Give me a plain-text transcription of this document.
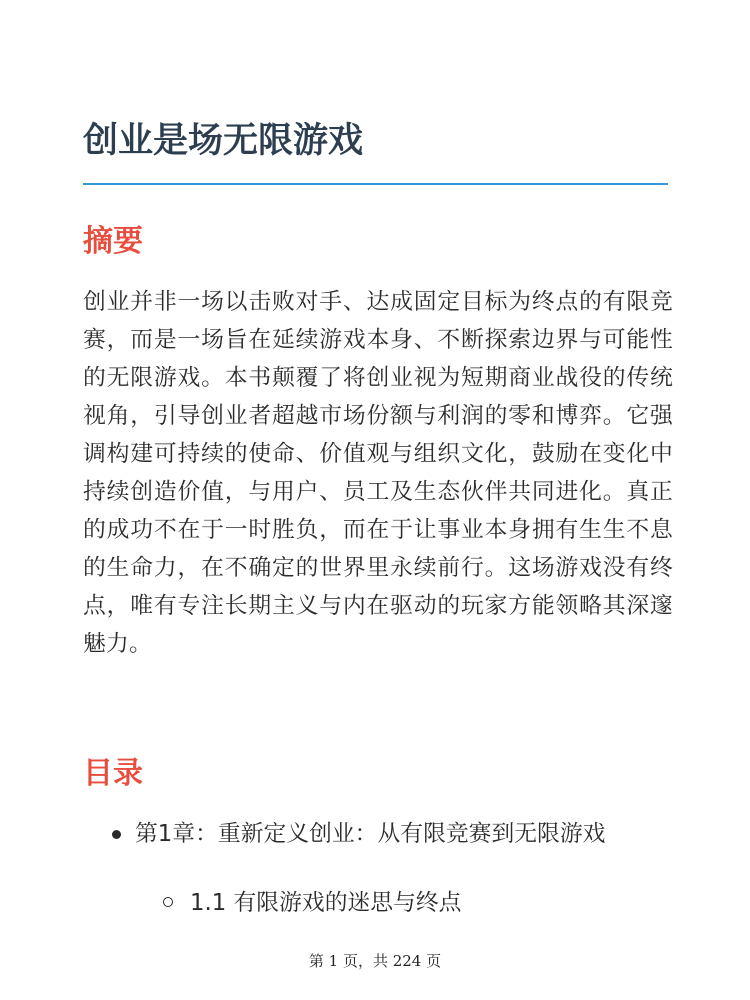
创业是场无限游戏
摘要

创业并非一场以击败对手、达成固定目标为终点的有限竞赛，而是一场旨在延续游戏本身、不断探索边界与可能性的无限游戏。本书颠覆了将创业视为短期商业战役的传统视角，引导创业者超越市场份额与利润的零和博弈。它强调构建可持续的使命、价值观与组织文化，鼓励在变化中持续创造价值，与用户、员工及生态伙伴共同进化。真正的成功不在于一时胜负，而在于让事业本身拥有生生不息的生命力，在不确定的世界里永续前行。这场游戏没有终点，唯有专注长期主义与内在驱动的玩家方能领略其深邃魅力。

目录
第1章：重新定义创业：从有限竞赛到无限游戏
1.1 有限游戏的迷思与终点
第 1 页，共 224 页
